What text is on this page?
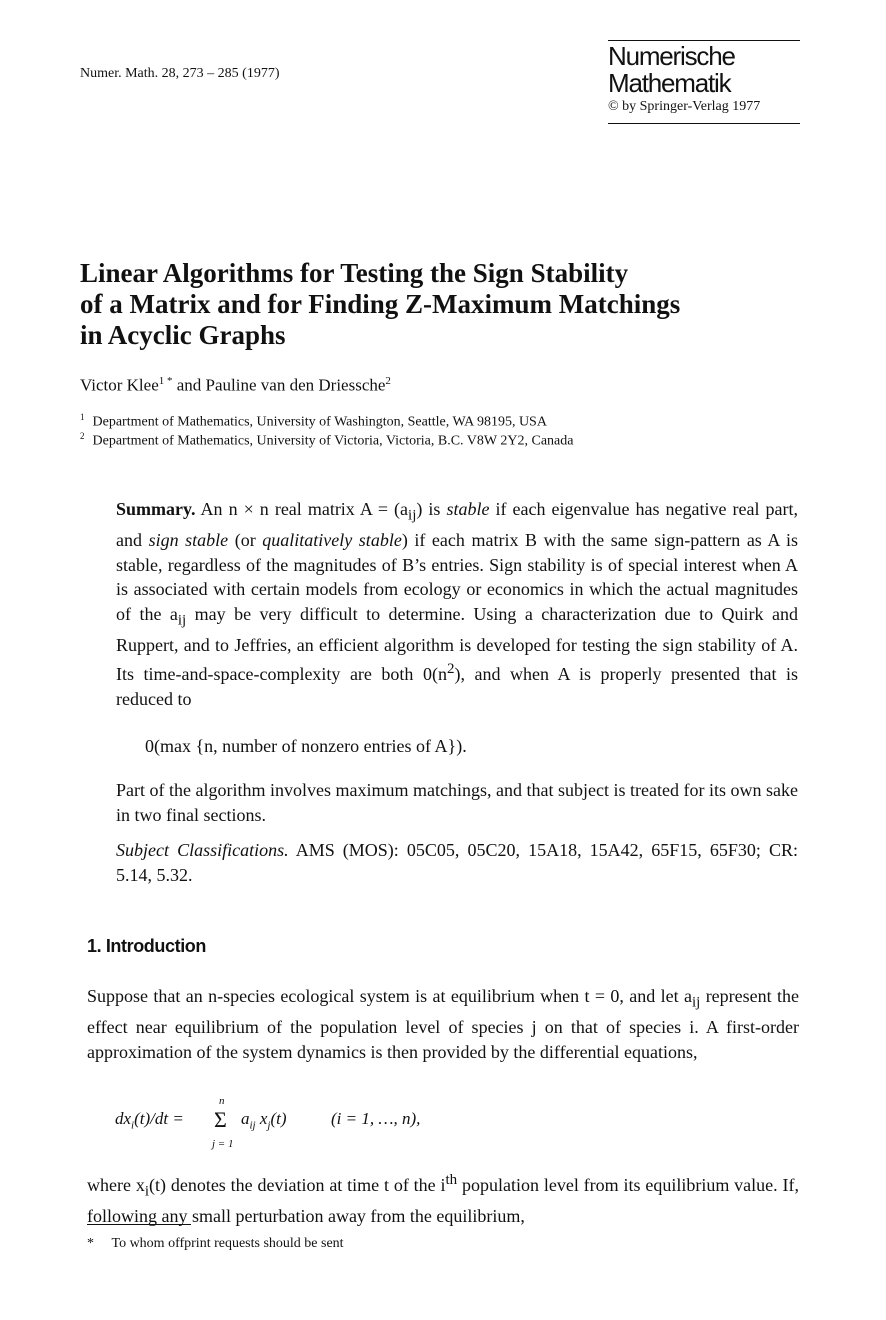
Numer. Math. 28, 273 – 285 (1977)
Numerische
Mathematik
© by Springer-Verlag 1977
Linear Algorithms for Testing the Sign Stability
of a Matrix and for Finding Z-Maximum Matchings
in Acyclic Graphs
Victor Klee$^{1 *}$ and Pauline van den Driessche$^2$
$^1$ Department of Mathematics, University of Washington, Seattle, WA 98195, USA
$^2$ Department of Mathematics, University of Victoria, Victoria, B.C. V8W 2Y2, Canada

Summary. An n × n real matrix $A = (a_{ij})$ is stable if each eigenvalue has negative real part, and sign stable (or qualitatively stable) if each matrix B with the same sign-pattern as A is stable, regardless of the magnitudes of B’s entries. Sign stability is of special interest when A is associated with certain models from ecology or economics in which the actual magnitudes of the $a_{ij}$ may be very difficult to determine. Using a characterization due to Quirk and Ruppert, and to Jeffries, an efficient algorithm is developed for testing the sign stability of A. Its time-and-space-complexity are both $0(n^2)$, and when A is properly presented that is reduced to

0(max {n, number of nonzero entries of A}).

Part of the algorithm involves maximum matchings, and that subject is treated for its own sake in two final sections.

Subject Classifications. AMS (MOS): 05C05, 05C20, 15A18, 15A42, 65F15, 65F30; CR: 5.14, 5.32.

1. Introduction

Suppose that an n-species ecological system is at equilibrium when t = 0, and let $a_{ij}$ represent the effect near equilibrium of the population level of species j on that of species i. A first-order approximation of the system dynamics is then provided by the differential equations,

$dx_i(t)/dt$ =
n
Σ
j = 1
$a_{ij}$ $x_j(t)$	(i = 1, …, n),

where $x_i(t)$ denotes the deviation at time t of the $i^{th}$ population level from its equilibrium value. If, following any small perturbation away from the equilibrium,

* To whom offprint requests should be sent
